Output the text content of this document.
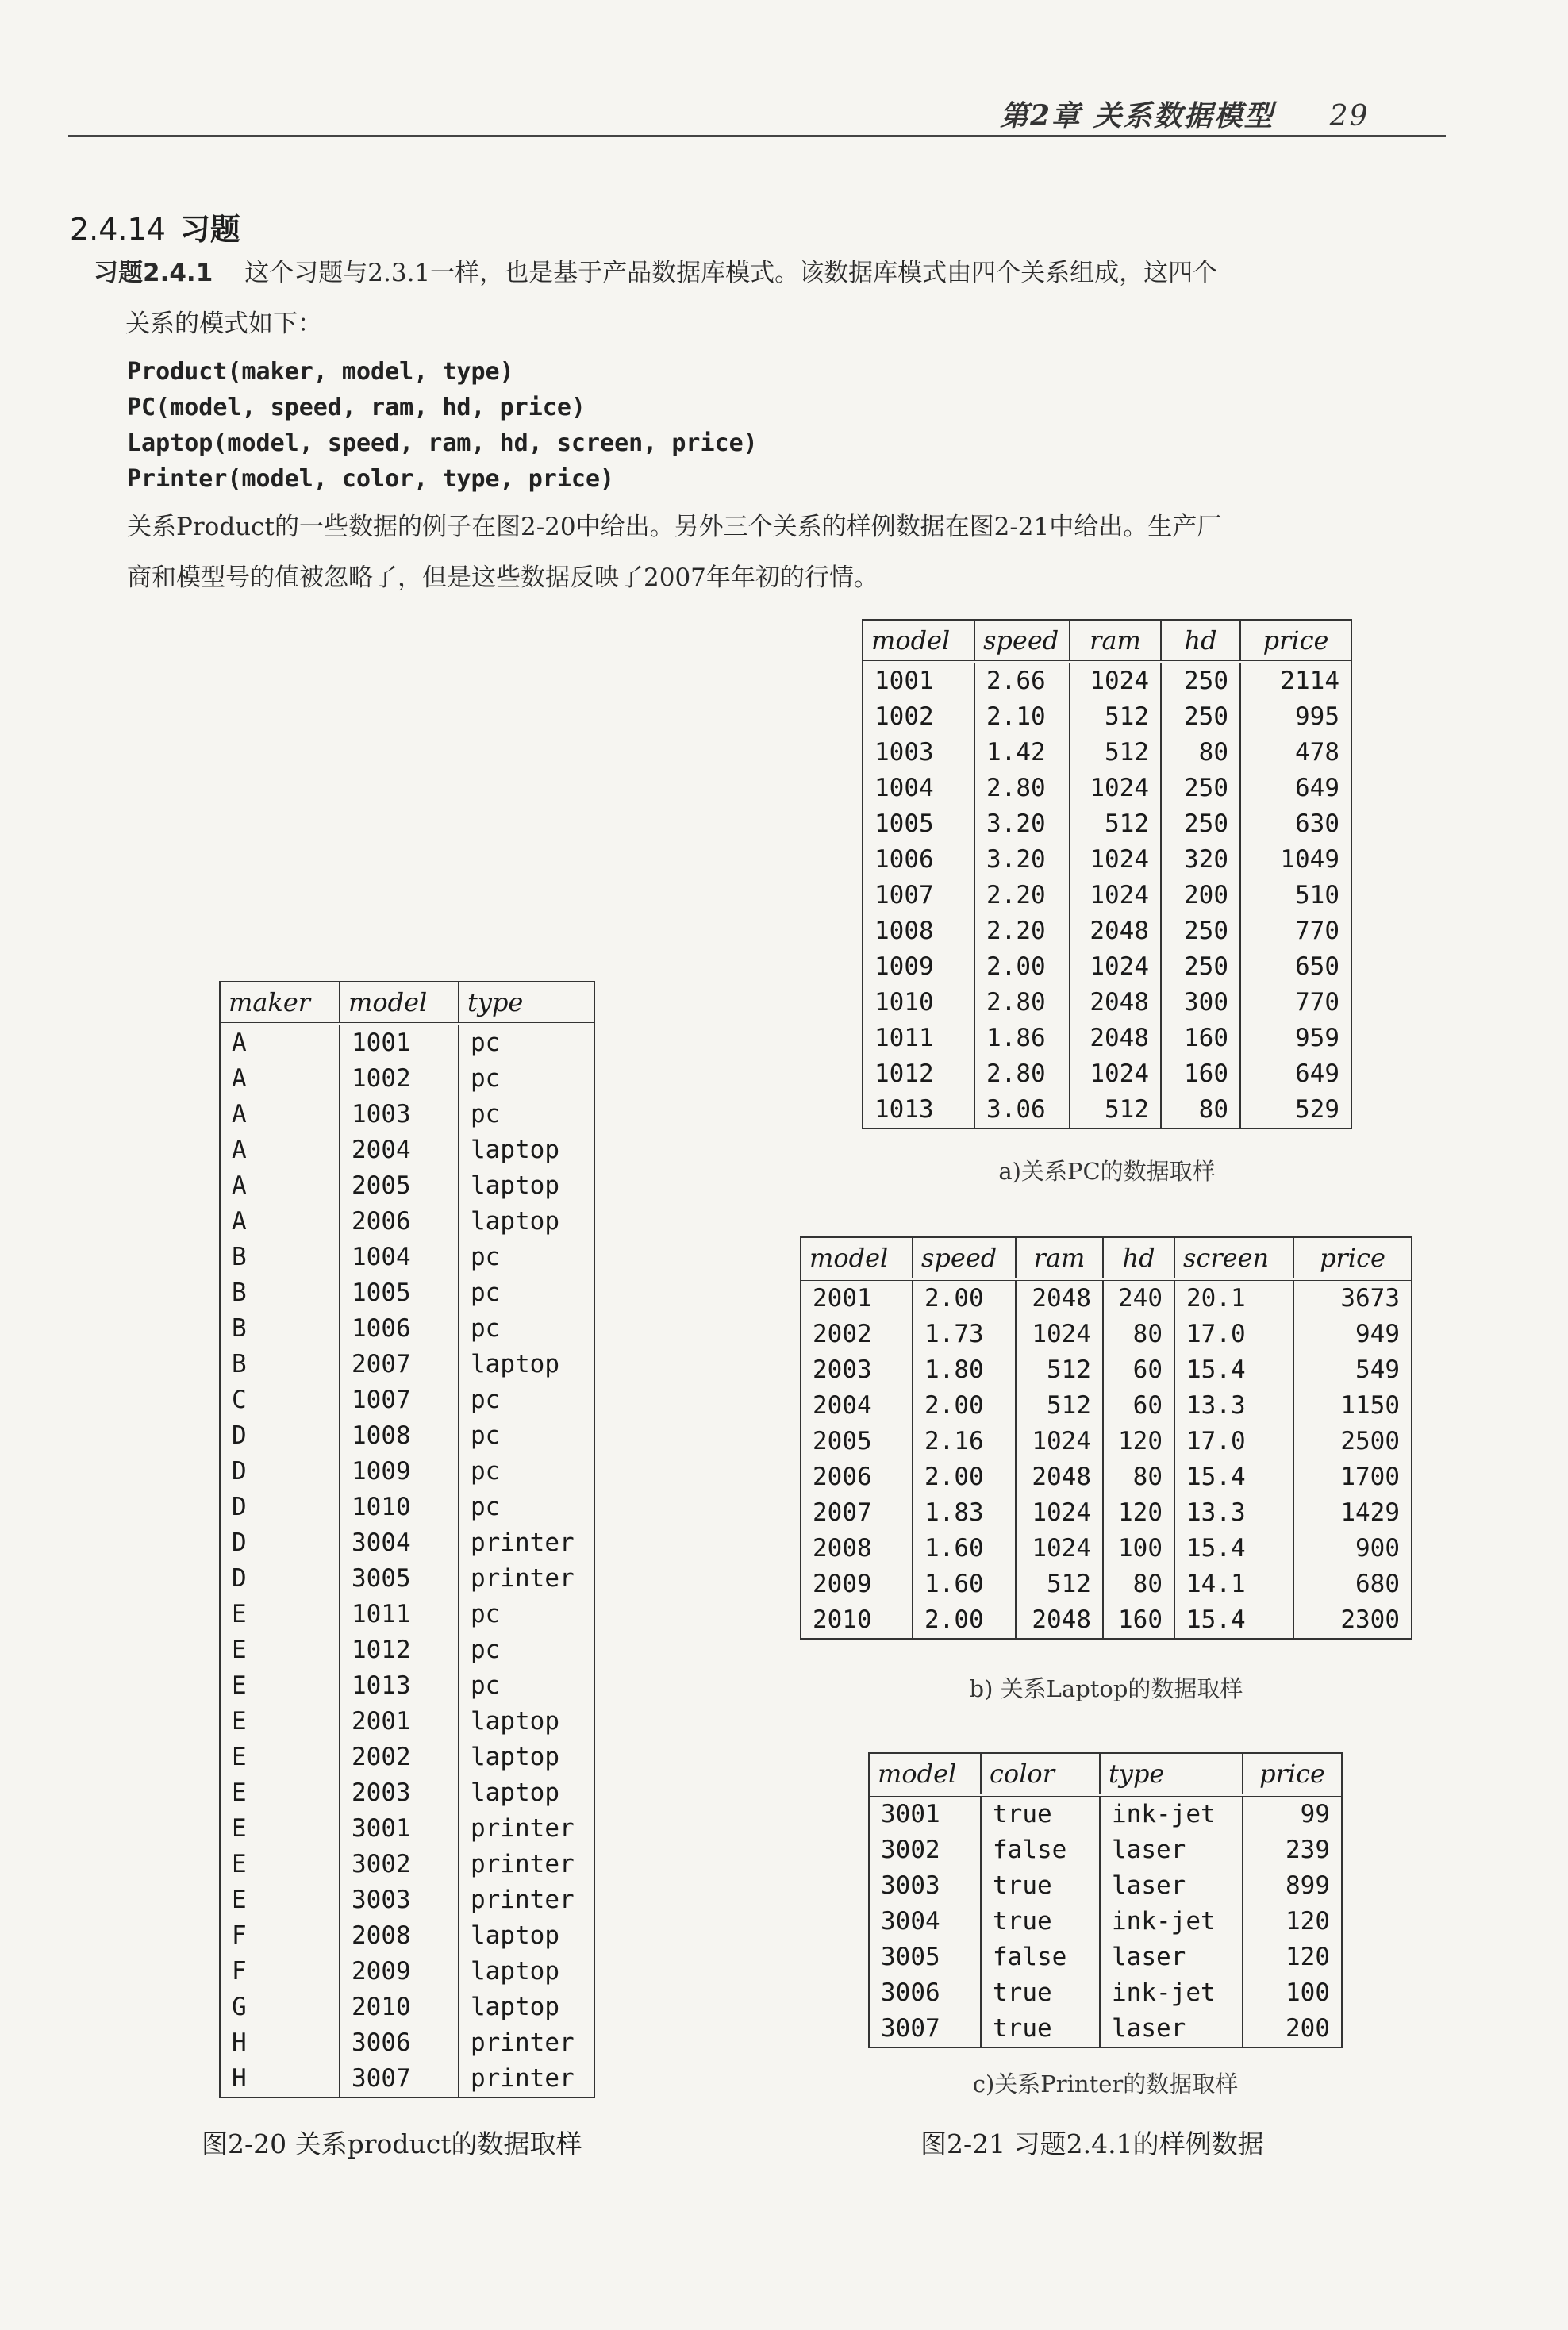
第2章 关系数据模型 29
2.4.14 习题
习题2.4.1 这个习题与2.3.1一样，也是基于产品数据库模式。该数据库模式由四个关系组成，这四个
关系的模式如下：
Product(maker, model, type)
PC(model, speed, ram, hd, price)
Laptop(model, speed, ram, hd, screen, price)
Printer(model, color, type, price)
关系Product的一些数据的例子在图2-20中给出。另外三个关系的样例数据在图2-21中给出。生产厂
商和模型号的值被忽略了，但是这些数据反映了2007年年初的行情。
model	speed	ram	hd	price
1001	2.66	1024	250	2114
1002	2.10	512	250	995
1003	1.42	512	80	478
1004	2.80	1024	250	649
1005	3.20	512	250	630
1006	3.20	1024	320	1049
1007	2.20	1024	200	510
1008	2.20	2048	250	770
1009	2.00	1024	250	650
1010	2.80	2048	300	770
1011	1.86	2048	160	959
1012	2.80	1024	160	649
1013	3.06	512	80	529
a)关系PC的数据取样
model	speed	ram	hd	screen	price
2001	2.00	2048	240	20.1	3673
2002	1.73	1024	80	17.0	949
2003	1.80	512	60	15.4	549
2004	2.00	512	60	13.3	1150
2005	2.16	1024	120	17.0	2500
2006	2.00	2048	80	15.4	1700
2007	1.83	1024	120	13.3	1429
2008	1.60	1024	100	15.4	900
2009	1.60	512	80	14.1	680
2010	2.00	2048	160	15.4	2300
b) 关系Laptop的数据取样
model	color	type	price
3001	true	ink-jet	99
3002	false	laser	239
3003	true	laser	899
3004	true	ink-jet	120
3005	false	laser	120
3006	true	ink-jet	100
3007	true	laser	200
c)关系Printer的数据取样
maker	model	type
A	1001	pc
A	1002	pc
A	1003	pc
A	2004	laptop
A	2005	laptop
A	2006	laptop
B	1004	pc
B	1005	pc
B	1006	pc
B	2007	laptop
C	1007	pc
D	1008	pc
D	1009	pc
D	1010	pc
D	3004	printer
D	3005	printer
E	1011	pc
E	1012	pc
E	1013	pc
E	2001	laptop
E	2002	laptop
E	2003	laptop
E	3001	printer
E	3002	printer
E	3003	printer
F	2008	laptop
F	2009	laptop
G	2010	laptop
H	3006	printer
H	3007	printer
图2-20 关系product的数据取样	图2-21 习题2.4.1的样例数据
